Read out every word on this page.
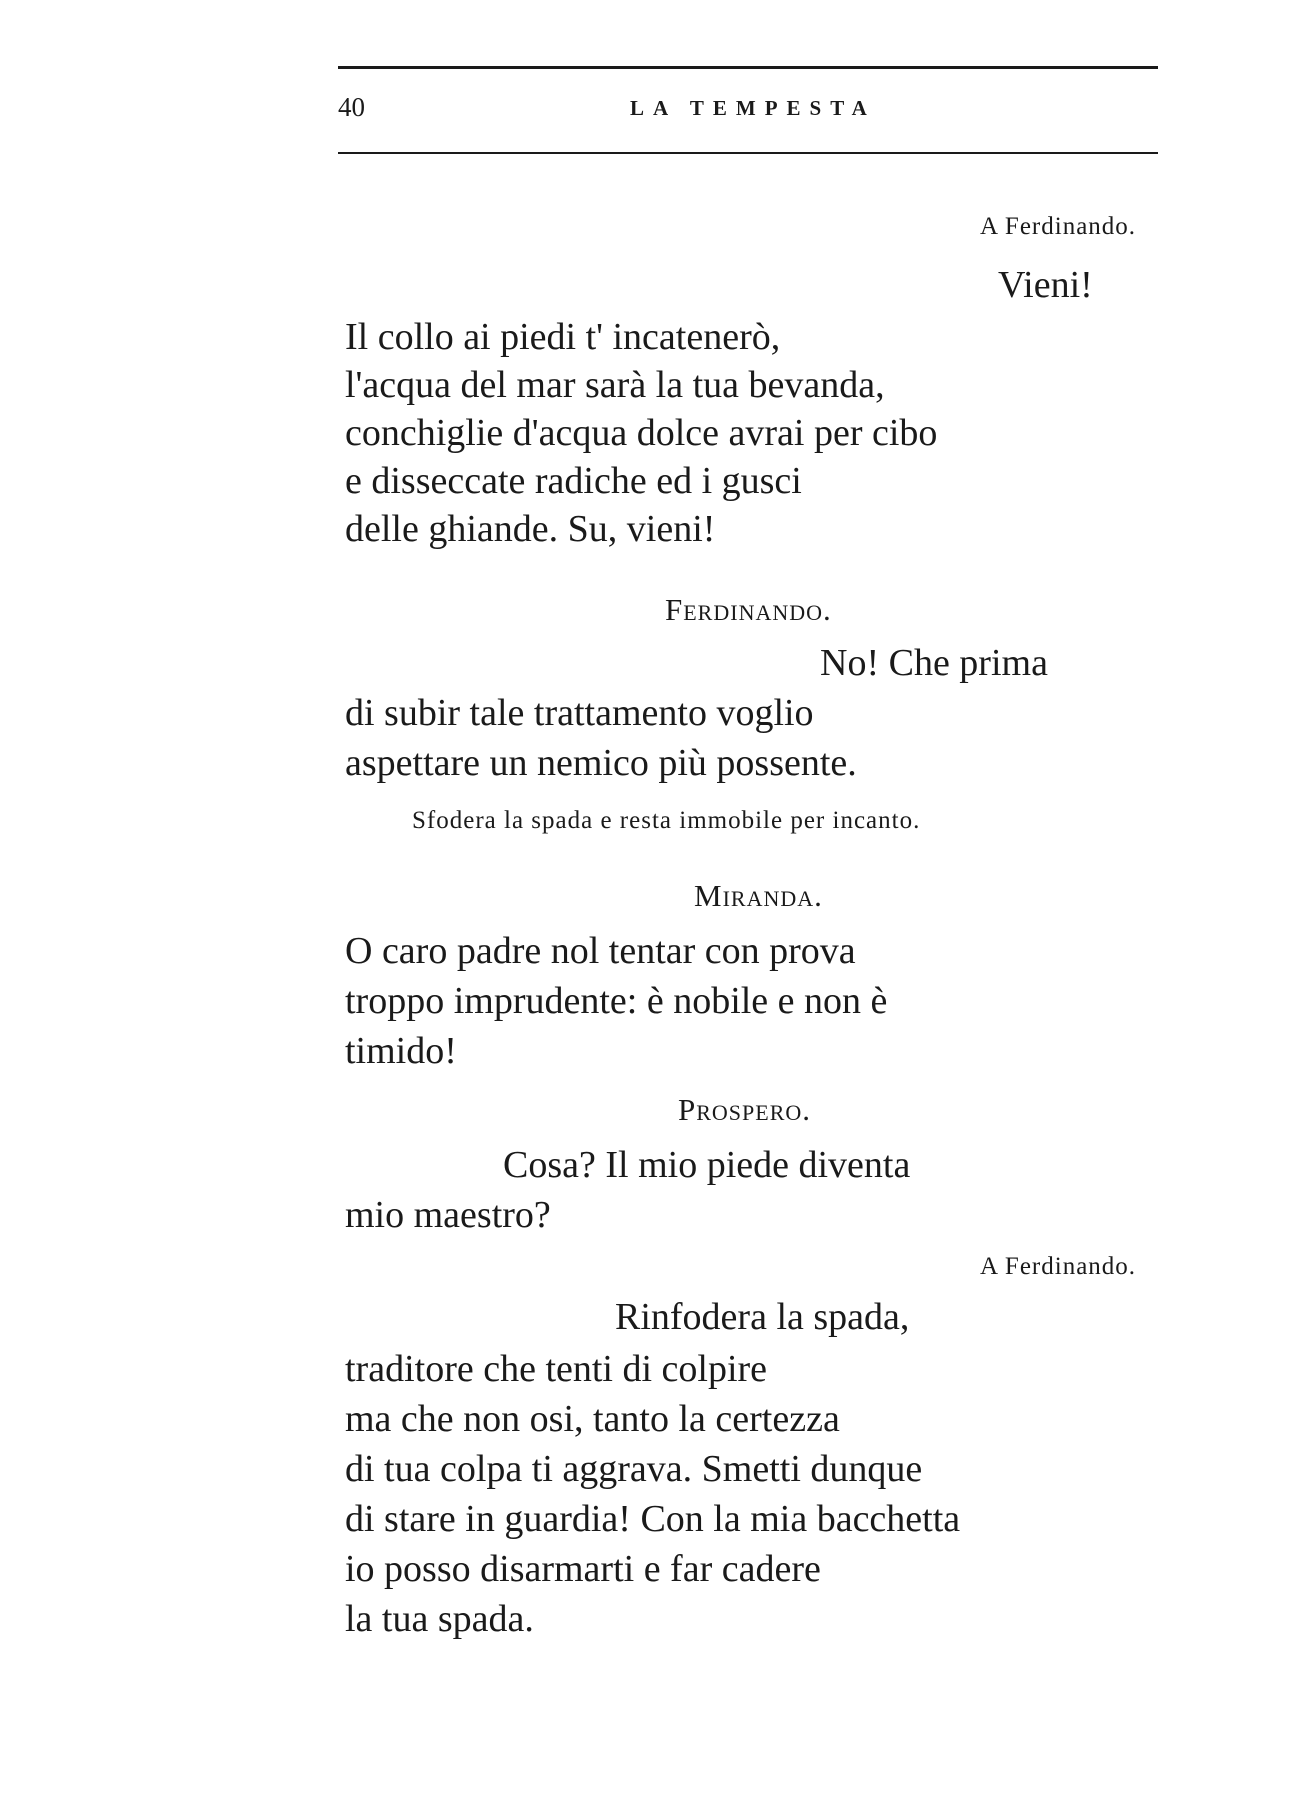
40	LA TEMPESTA
A Ferdinando.
Vieni!
Il collo ai piedi t' incatenerò,
l'acqua del mar sarà la tua bevanda,
conchiglie d'acqua dolce avrai per cibo
e disseccate radiche ed i gusci
delle ghiande. Su, vieni!
Ferdinando.
No! Che prima
di subir tale trattamento voglio
aspettare un nemico più possente.
Sfodera la spada e resta immobile per incanto.
Miranda.
O caro padre nol tentar con prova
troppo imprudente: è nobile e non è
timido!
Prospero.
Cosa? Il mio piede diventa
mio maestro?
A Ferdinando.
Rinfodera la spada,
traditore che tenti di colpire
ma che non osi, tanto la certezza
di tua colpa ti aggrava. Smetti dunque
di stare in guardia! Con la mia bacchetta
io posso disarmarti e far cadere
la tua spada.
